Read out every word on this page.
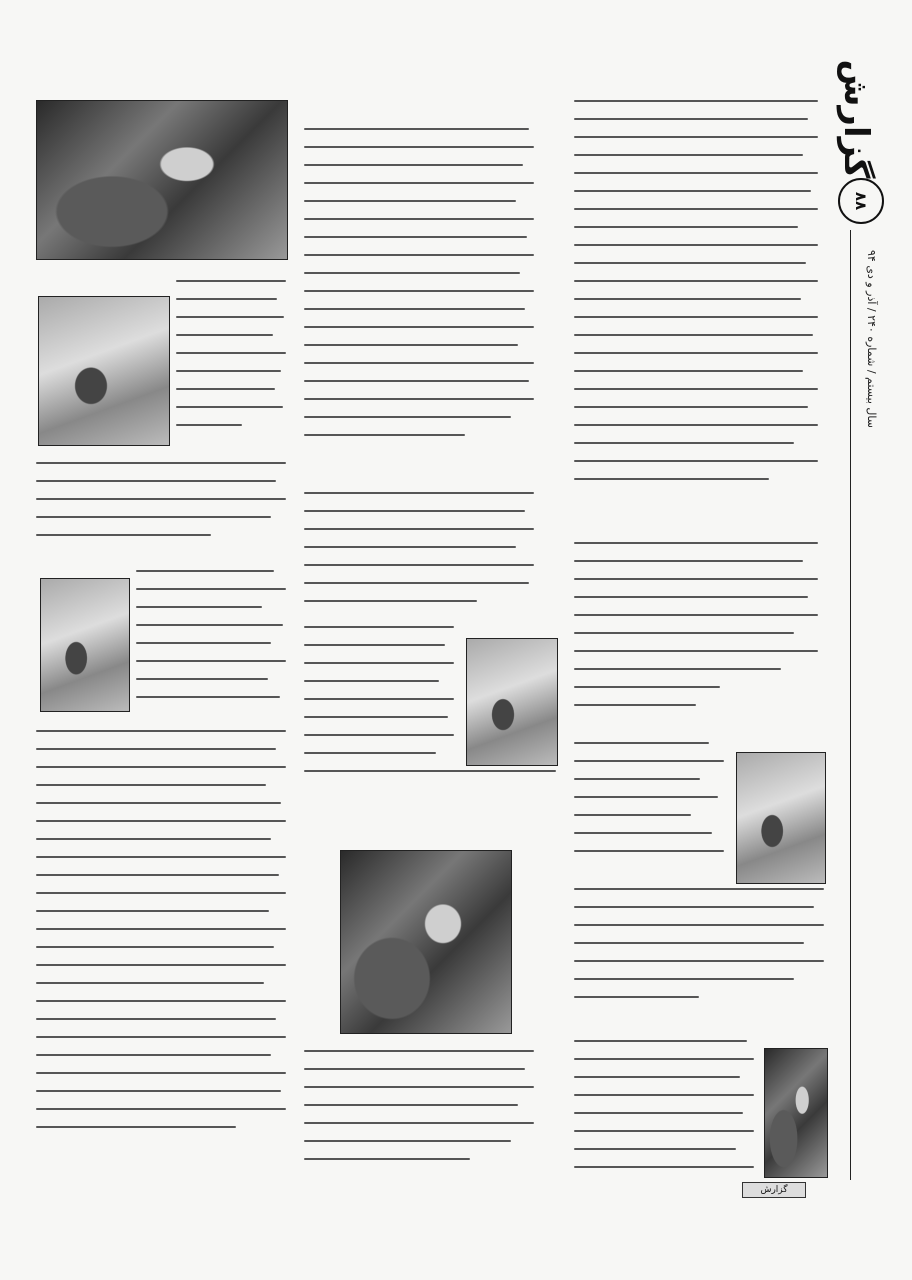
گزارش
۸۸
سال بیستم / شماره ۲۴۰ / آذر و دی ۹۴
گزارش
